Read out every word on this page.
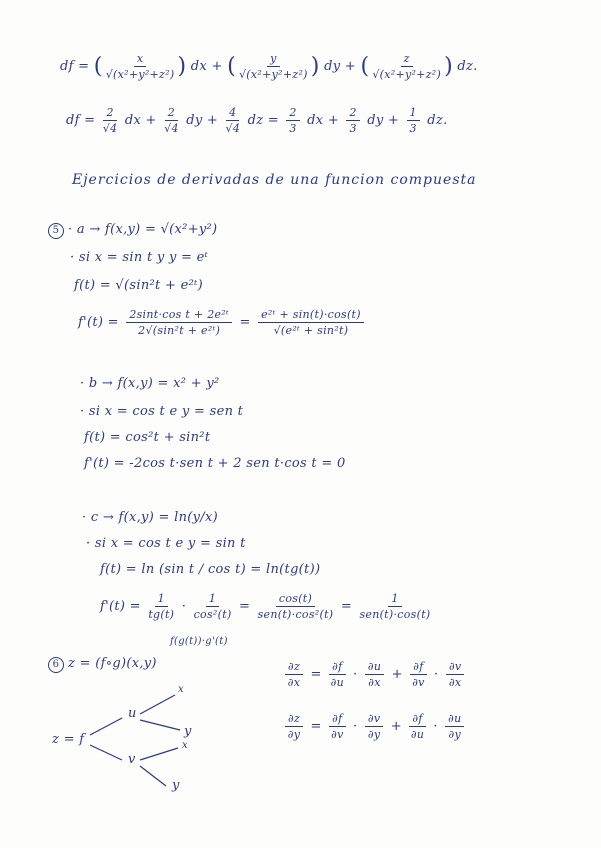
df = ( $\frac{x}{\text{√(x²+y²+z²)}}$ ) dx + ( $\frac{y}{\text{√(x²+y²+z²)}}$ ) dy + ( $\frac{z}{\text{√(x²+y²+z²)}}$ ) dz.
df = $\frac{2}{√4}$ dx + $\frac{2}{√4}$ dy + $\frac{4}{√4}$ dz = $\frac{2}{3}$ dx + $\frac{2}{3}$ dy + $\frac{1}{3}$ dz.
Ejercicios de derivadas de una funcion compuesta
5 · a → f(x,y) = √(x²+y²)
· si x = sin t y y = eᵗ
f(t) = √(sin²t + e²ᵗ)
$f'(t) = \frac{\text{2sint·cos t + 2e²ᵗ}}{\text{2√(sin²t + e²ᵗ)}} = \frac{\text{e²ᵗ + sin(t)·cos(t)}}{\text{√(e²ᵗ + sin²t)}}$
· b → f(x,y) = x² + y²
· si x = cos t e y = sen t
f(t) = cos²t + sin²t
f'(t) = -2cos t·sen t + 2 sen t·cos t = 0
· c → f(x,y) = ln(y/x)
· si x = cos t e y = sin t
f(t) = ln (sin t / cos t) = ln(tg(t))
$f'(t) = \frac{1}{tg(t)} \cdot \frac{1}{\text{cos²(t)}} = \frac{\cos(t)}{\text{sen(t)·cos²(t)}} = \frac{1}{\text{sen(t)·cos(t)}}$
f(g(t))·g'(t)
6 z = (f∘g)(x,y)	$\frac{\partial z}{\partial x} = \frac{\partial f}{\partial u} \cdot \frac{\partial u}{\partial x} + \frac{\partial f}{\partial v} \cdot \frac{\partial v}{\partial x}$
$\frac{\partial z}{\partial y} = \frac{\partial f}{\partial v} \cdot \frac{\partial v}{\partial y} + \frac{\partial f}{\partial u} \cdot \frac{\partial u}{\partial y}$
z = f
u
v
x
y
x
y
